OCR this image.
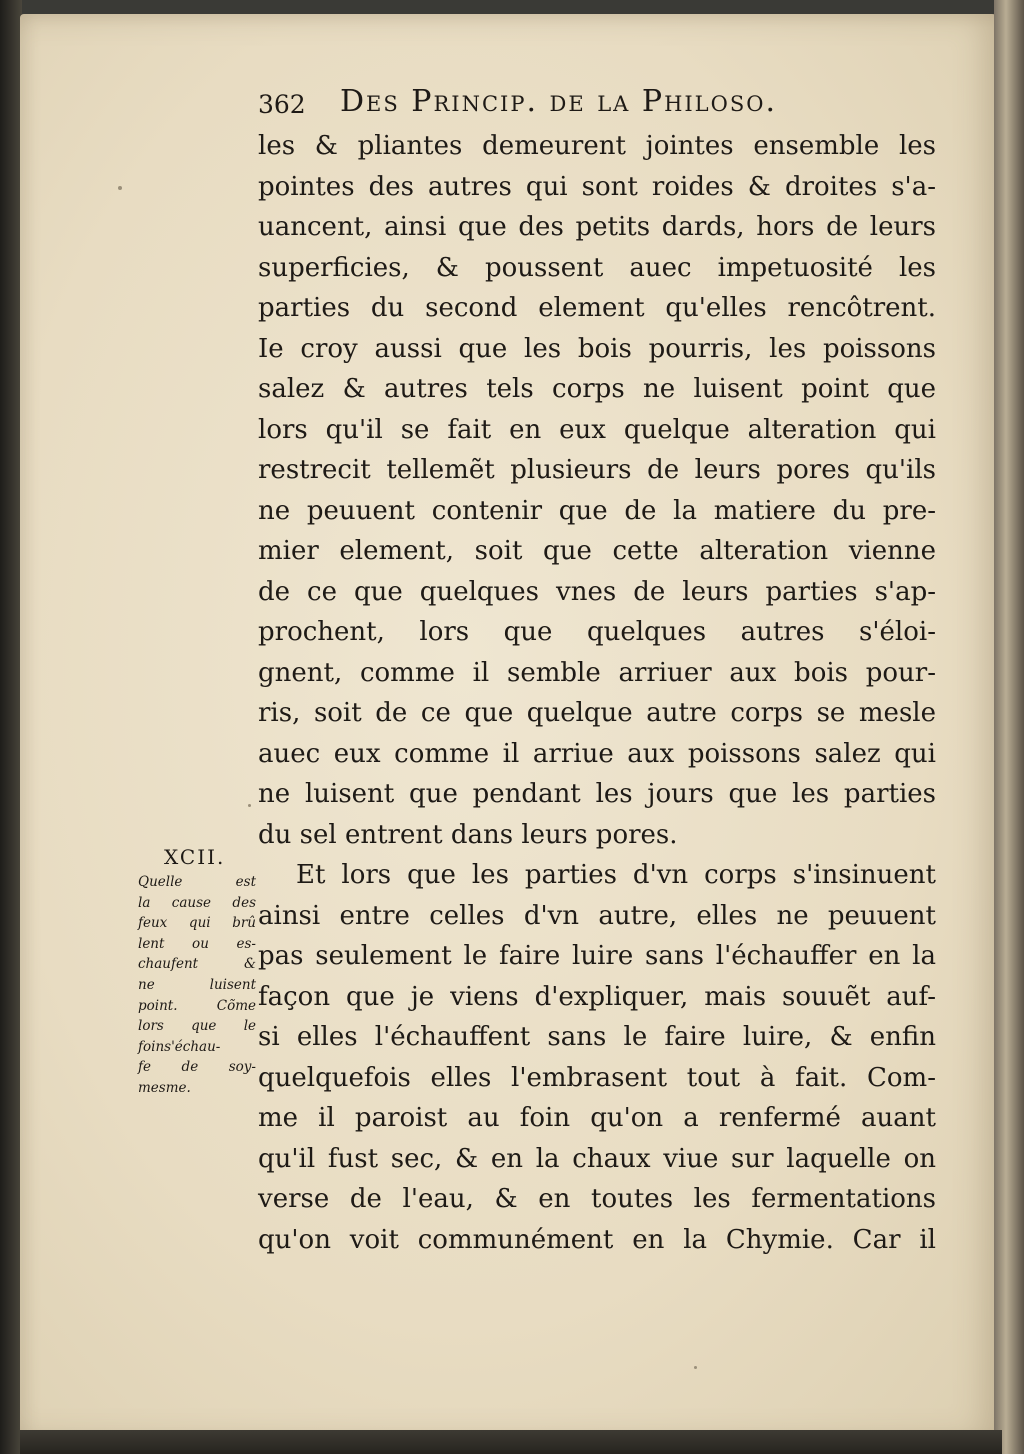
362 Des Princip. de la Philoso.
les & pliantes demeurent jointes ensemble les
pointes des autres qui sont roides & droites s'a-
uancent, ainsi que des petits dards, hors de leurs
superficies, & poussent auec impetuosité les
parties du second element qu'elles rencôtrent.
Ie croy aussi que les bois pourris, les poissons
salez & autres tels corps ne luisent point que
lors qu'il se fait en eux quelque alteration qui
restrecit tellemẽt plusieurs de leurs pores qu'ils
ne peuuent contenir que de la matiere du pre-
mier element, soit que cette alteration vienne
de ce que quelques vnes de leurs parties s'ap-
prochent, lors que quelques autres s'éloi-
gnent, comme il semble arriuer aux bois pour-
ris, soit de ce que quelque autre corps se mesle
auec eux comme il arriue aux poissons salez qui
ne luisent que pendant les jours que les parties
du sel entrent dans leurs pores.
Et lors que les parties d'vn corps s'insinuent
ainsi entre celles d'vn autre, elles ne peuuent
pas seulement le faire luire sans l'échauffer en la
façon que je viens d'expliquer, mais souuẽt auf-
si elles l'échauffent sans le faire luire, & enfin
quelquefois elles l'embrasent tout à fait. Com-
me il paroist au foin qu'on a renfermé auant
qu'il fust sec, & en la chaux viue sur laquelle on
verse de l'eau, & en toutes les fermentations
qu'on voit communément en la Chymie. Car il
XCII.
Quelle est
la cause des
feux qui brû
lent ou es-
chaufent &
ne luisent
point. Cõme
lors que le
foins'échau-
fe de soy-
mesme.
